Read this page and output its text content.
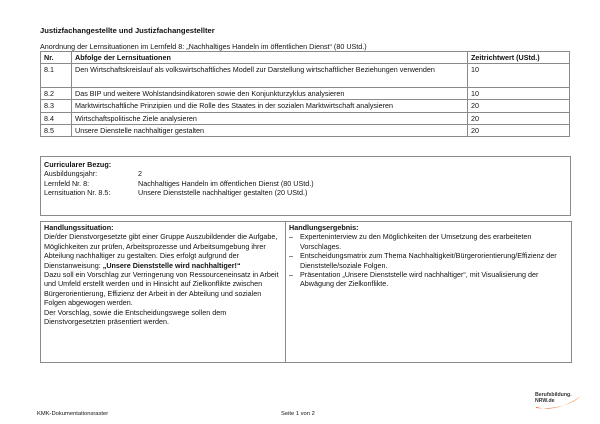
Justizfachangestellte und Justizfachangestellter
Anordnung der Lernsituationen im Lernfeld 8: „Nachhaltiges Handeln im öffentlichen Dienst“ (80 UStd.)
Nr.	Abfolge der Lernsituationen	Zeitrichtwert (UStd.)
8.1	Den Wirtschaftskreislauf als volkswirtschaftliches Modell zur Darstellung wirtschaftlicher Beziehungen verwenden	10
8.2	Das BIP und weitere Wohlstandsindikatoren sowie den Konjunkturzyklus analysieren	10
8.3	Marktwirtschaftliche Prinzipien und die Rolle des Staates in der sozialen Marktwirtschaft analysieren	20
8.4	Wirtschaftspolitische Ziele analysieren	20
8.5	Unsere Dienstelle nachhaltiger gestalten	20
Curricularer Bezug:
Ausbildungsjahr:	2
Lernfeld Nr. 8:	Nachhaltiges Handeln im öffentlichen Dienst (80 UStd.)
Lernsituation Nr. 8.5:	Unsere Dienststelle nachhaltiger gestalten (20 UStd.)
Handlungssituation:

Die/der Dienstvorgesetzte gibt einer Gruppe Auszubildender die Aufgabe, Möglichkeiten zur prüfen, Arbeitsprozesse und Arbeitsumgebung ihrer Abteilung nachhaltiger zu gestalten. Dies erfolgt aufgrund der Dienstanweisung: „Unsere Dienststelle wird nachhaltiger!“

Dazu soll ein Vorschlag zur Verringerung von Ressourceneinsatz in Arbeit und Umfeld erstellt werden und in Hinsicht auf Zielkonflikte zwischen Bürgerorientierung, Effizienz der Arbeit in der Abteilung und sozialen Folgen abgewogen werden.

Der Vorschlag, sowie die Entscheidungswege sollen dem Dienstvorgesetzten präsentiert werden.

Handlungsergebnis:
– Experteninterview zu den Möglichkeiten der Umsetzung des erarbeiteten Vorschlages.
– Entscheidungsmatrix zum Thema Nachhaltigkeit/Bürgerorientierung/Effizienz der Dienststelle/soziale Folgen.
– Präsentation „Unsere Dienststelle wird nachhaltiger“, mit Visualisierung der Abwägung der Zielkonflikte.
KMK-Dokumentationsraster	Seite 1 von 2
Berufsbildung.
NRW.de
